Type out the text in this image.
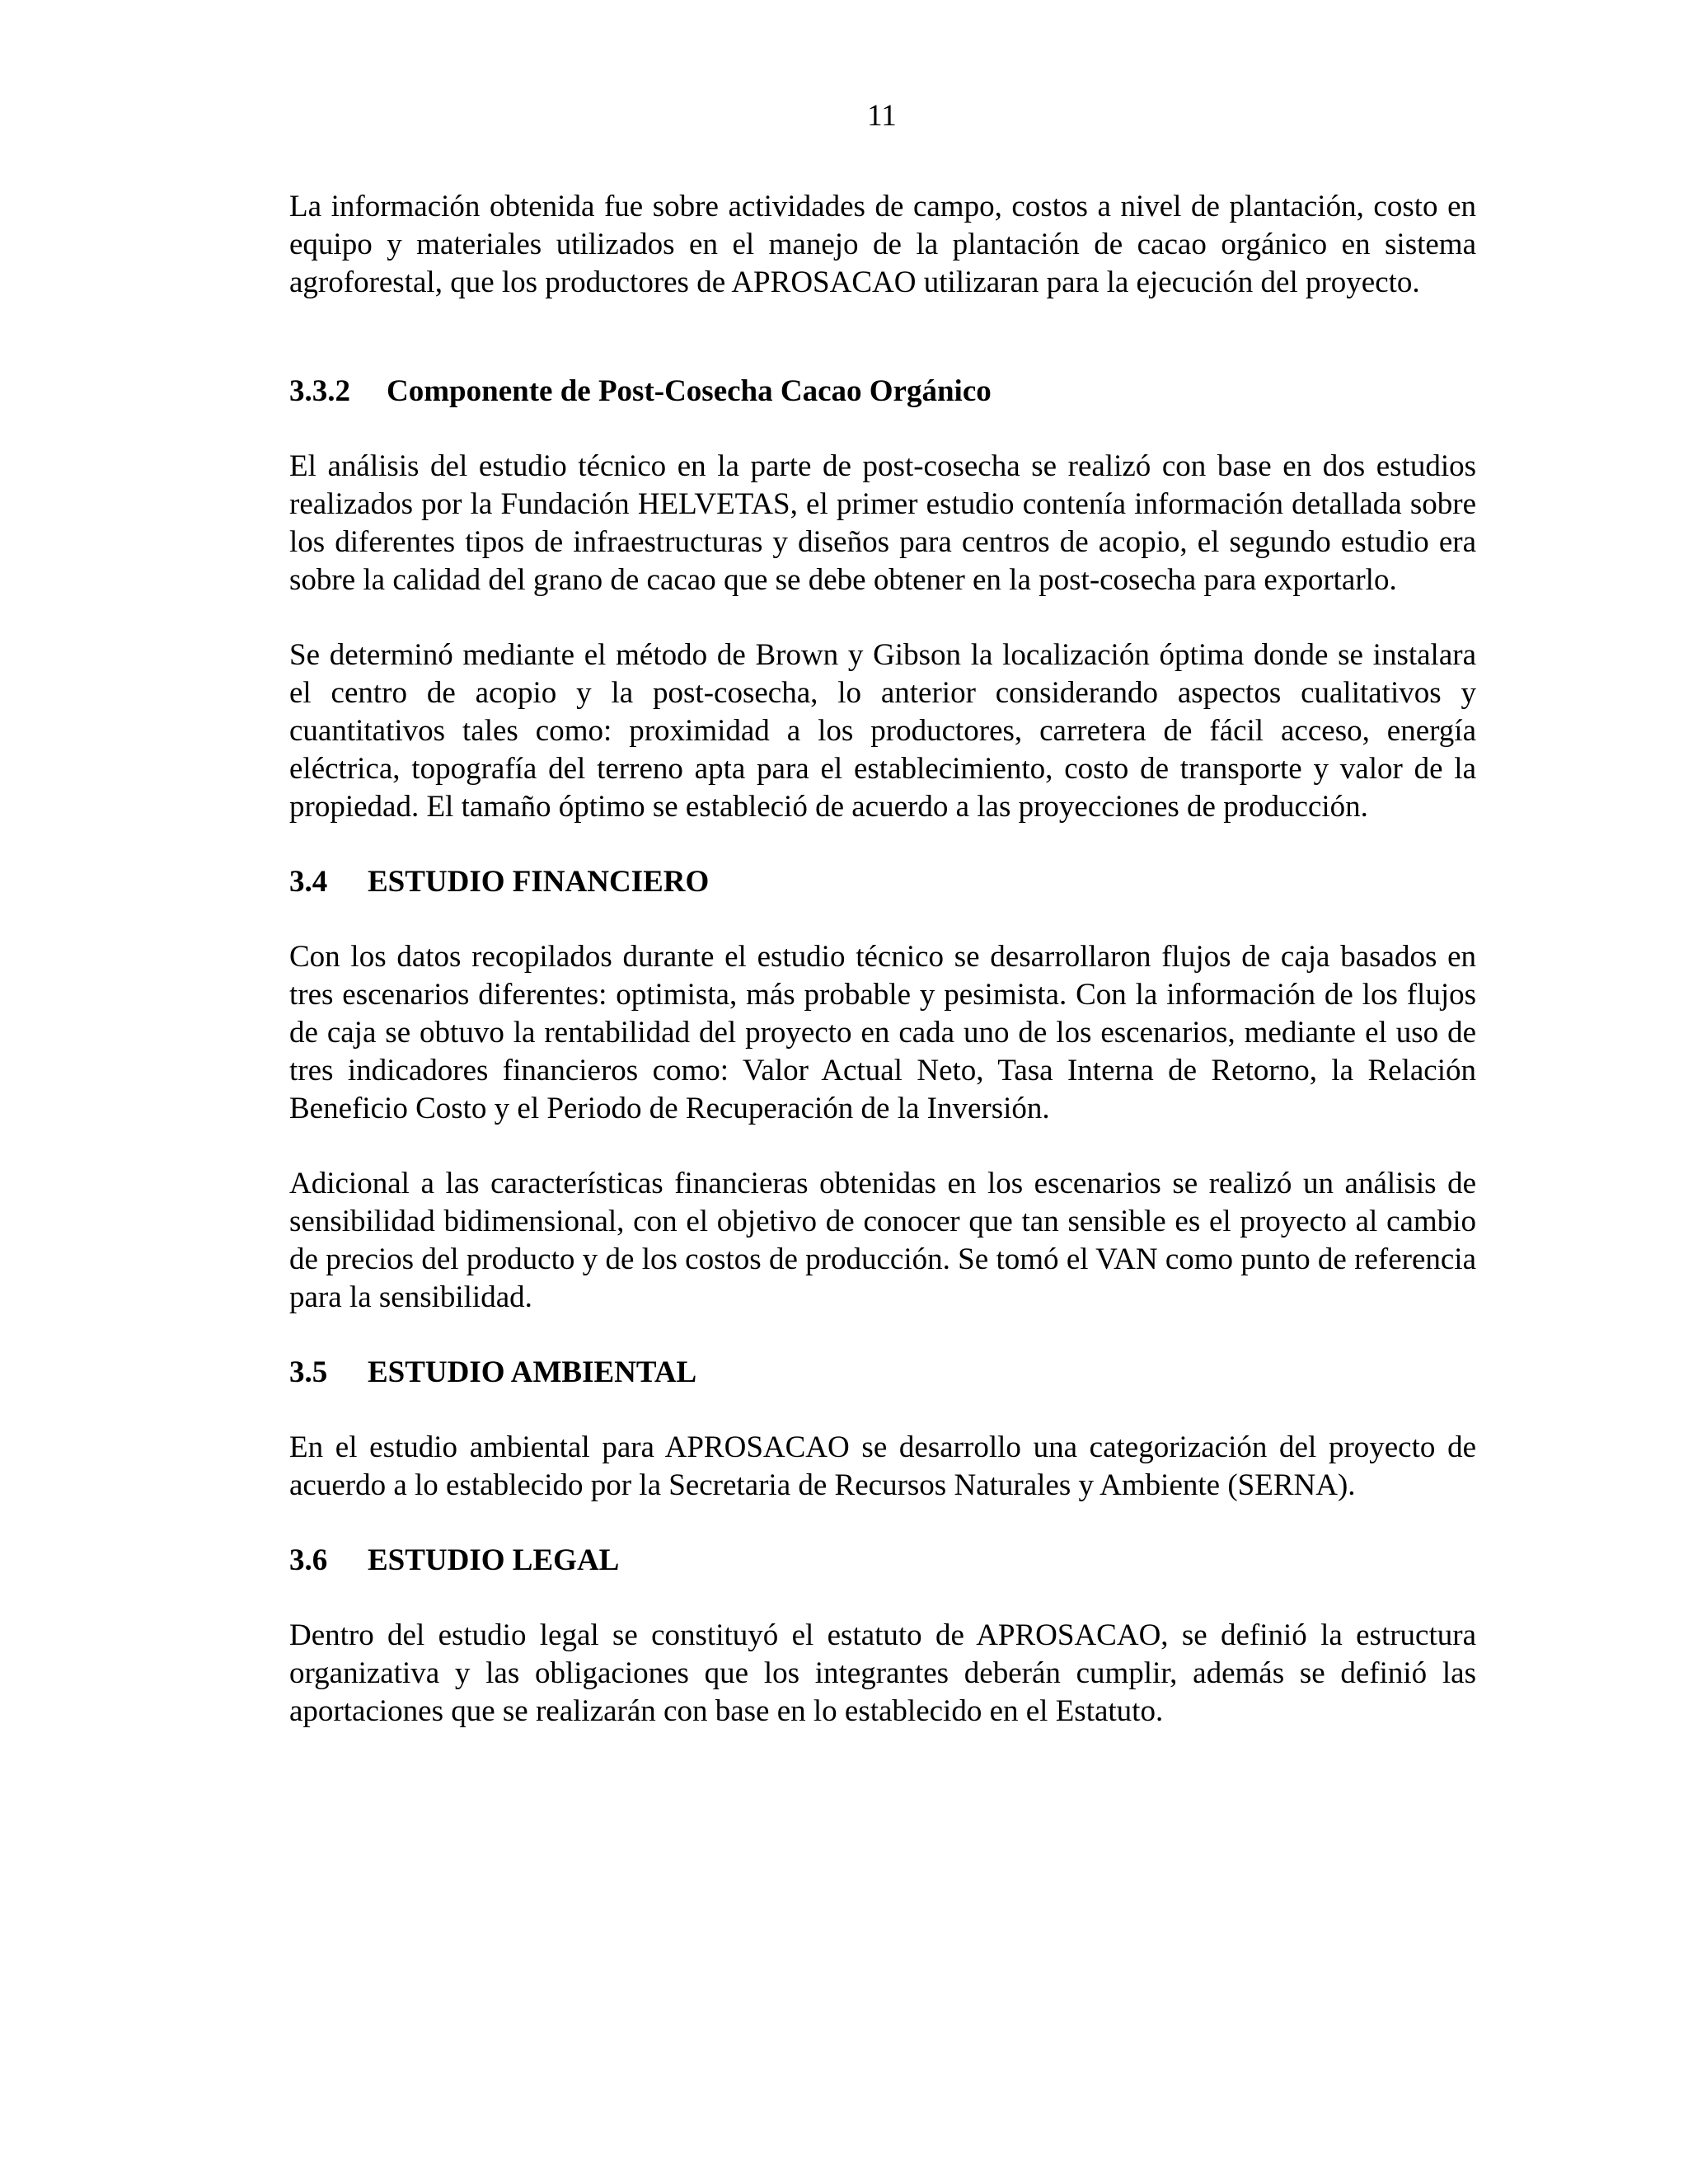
11

La información obtenida fue sobre actividades de campo, costos a nivel de plantación, costo en equipo y materiales utilizados en el manejo de la plantación de cacao orgánico en sistema agroforestal, que los productores de APROSACAO utilizaran para la ejecución del proyecto.

3.3.2 Componente de Post-Cosecha Cacao Orgánico

El análisis del estudio técnico en la parte de post-cosecha se realizó con base en dos estudios realizados por la Fundación HELVETAS, el primer estudio contenía información detallada sobre los diferentes tipos de infraestructuras y diseños para centros de acopio, el segundo estudio era sobre la calidad del grano de cacao que se debe obtener en la post-cosecha para exportarlo.

Se determinó mediante el método de Brown y Gibson la localización óptima donde se instalara el centro de acopio y la post-cosecha, lo anterior considerando aspectos cualitativos y cuantitativos tales como: proximidad a los productores, carretera de fácil acceso, energía eléctrica, topografía del terreno apta para el establecimiento, costo de transporte y valor de la propiedad. El tamaño óptimo se estableció de acuerdo a las proyecciones de producción.

3.4 ESTUDIO FINANCIERO

Con los datos recopilados durante el estudio técnico se desarrollaron flujos de caja basados en tres escenarios diferentes: optimista, más probable y pesimista. Con la información de los flujos de caja se obtuvo la rentabilidad del proyecto en cada uno de los escenarios, mediante el uso de tres indicadores financieros como: Valor Actual Neto, Tasa Interna de Retorno, la Relación Beneficio Costo y el Periodo de Recuperación de la Inversión.

Adicional a las características financieras obtenidas en los escenarios se realizó un análisis de sensibilidad bidimensional, con el objetivo de conocer que tan sensible es el proyecto al cambio de precios del producto y de los costos de producción. Se tomó el VAN como punto de referencia para la sensibilidad.

3.5 ESTUDIO AMBIENTAL

En el estudio ambiental para APROSACAO se desarrollo una categorización del proyecto de acuerdo a lo establecido por la Secretaria de Recursos Naturales y Ambiente (SERNA).

3.6 ESTUDIO LEGAL

Dentro del estudio legal se constituyó el estatuto de APROSACAO, se definió la estructura organizativa y las obligaciones que los integrantes deberán cumplir, además se definió las aportaciones que se realizarán con base en lo establecido en el Estatuto.
